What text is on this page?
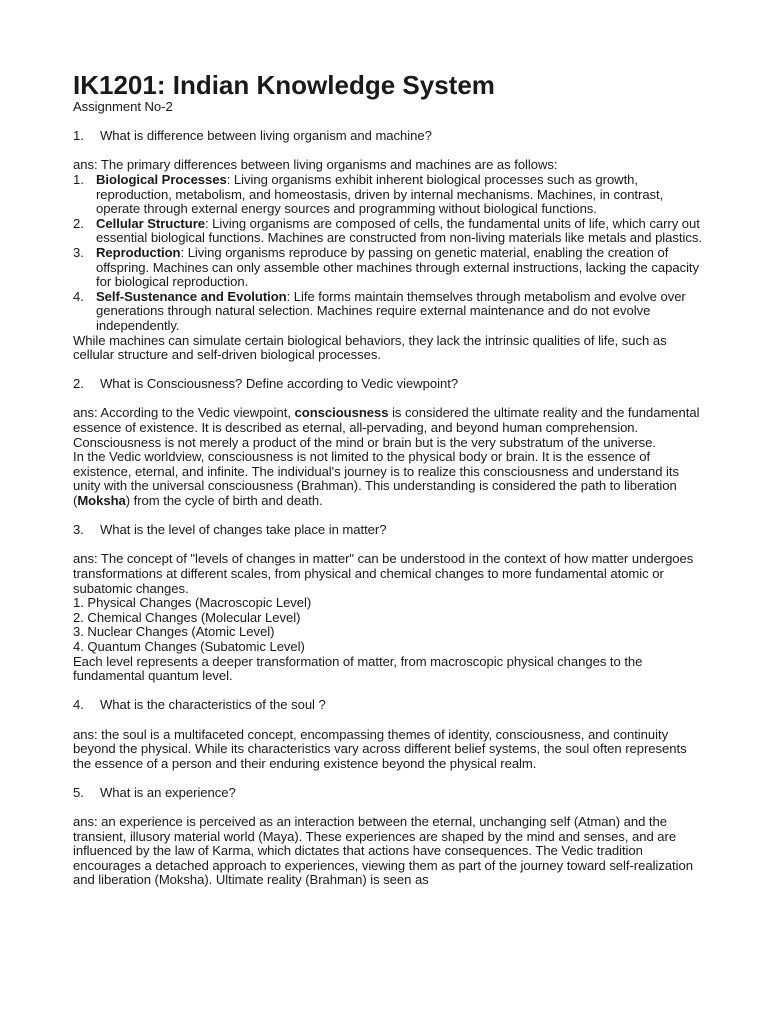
IK1201: Indian Knowledge System

Assignment No-2

1. What is difference between living organism and machine?

ans: The primary differences between living organisms and machines are as follows:

1. Biological Processes: Living organisms exhibit inherent biological processes such as growth, reproduction, metabolism, and homeostasis, driven by internal mechanisms. Machines, in contrast, operate through external energy sources and programming without biological functions.
2. Cellular Structure: Living organisms are composed of cells, the fundamental units of life, which carry out essential biological functions. Machines are constructed from non-living materials like metals and plastics.
3. Reproduction: Living organisms reproduce by passing on genetic material, enabling the creation of offspring. Machines can only assemble other machines through external instructions, lacking the capacity for biological reproduction.
4. Self-Sustenance and Evolution: Life forms maintain themselves through metabolism and evolve over generations through natural selection. Machines require external maintenance and do not evolve independently.

While machines can simulate certain biological behaviors, they lack the intrinsic qualities of life, such as cellular structure and self-driven biological processes.

2. What is Consciousness? Define according to Vedic viewpoint?

ans: According to the Vedic viewpoint, consciousness is considered the ultimate reality and the fundamental essence of existence. It is described as eternal, all-pervading, and beyond human comprehension. Consciousness is not merely a product of the mind or brain but is the very substratum of the universe.

In the Vedic worldview, consciousness is not limited to the physical body or brain. It is the essence of existence, eternal, and infinite. The individual's journey is to realize this consciousness and understand its unity with the universal consciousness (Brahman). This understanding is considered the path to liberation (Moksha) from the cycle of birth and death.

3. What is the level of changes take place in matter?

ans: The concept of "levels of changes in matter" can be understood in the context of how matter undergoes transformations at different scales, from physical and chemical changes to more fundamental atomic or subatomic changes.

1. Physical Changes (Macroscopic Level)

2. Chemical Changes (Molecular Level)

3. Nuclear Changes (Atomic Level)

4. Quantum Changes (Subatomic Level)

Each level represents a deeper transformation of matter, from macroscopic physical changes to the fundamental quantum level.

4. What is the characteristics of the soul ?

ans: the soul is a multifaceted concept, encompassing themes of identity, consciousness, and continuity beyond the physical. While its characteristics vary across different belief systems, the soul often represents the essence of a person and their enduring existence beyond the physical realm.

5. What is an experience?

ans: an experience is perceived as an interaction between the eternal, unchanging self (Atman) and the transient, illusory material world (Maya). These experiences are shaped by the mind and senses, and are influenced by the law of Karma, which dictates that actions have consequences. The Vedic tradition encourages a detached approach to experiences, viewing them as part of the journey toward self-realization and liberation (Moksha). Ultimate reality (Brahman) is seen as
